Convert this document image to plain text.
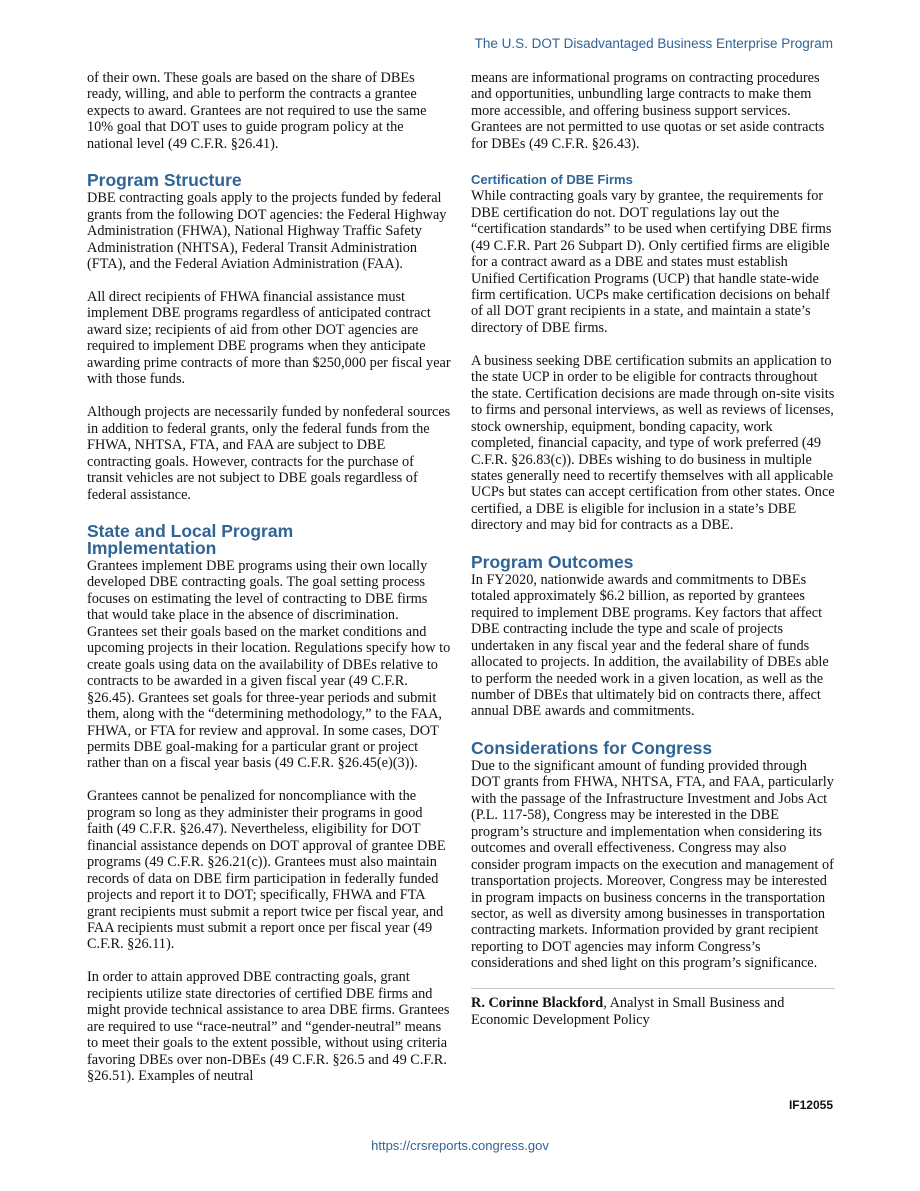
The U.S. DOT Disadvantaged Business Enterprise Program

of their own. These goals are based on the share of DBEs ready, willing, and able to perform the contracts a grantee expects to award. Grantees are not required to use the same 10% goal that DOT uses to guide program policy at the national level (49 C.F.R. §26.41).

Program Structure

DBE contracting goals apply to the projects funded by federal grants from the following DOT agencies: the Federal Highway Administration (FHWA), National Highway Traffic Safety Administration (NHTSA), Federal Transit Administration (FTA), and the Federal Aviation Administration (FAA).

All direct recipients of FHWA financial assistance must implement DBE programs regardless of anticipated contract award size; recipients of aid from other DOT agencies are required to implement DBE programs when they anticipate awarding prime contracts of more than $250,000 per fiscal year with those funds.

Although projects are necessarily funded by nonfederal sources in addition to federal grants, only the federal funds from the FHWA, NHTSA, FTA, and FAA are subject to DBE contracting goals. However, contracts for the purchase of transit vehicles are not subject to DBE goals regardless of federal assistance.

State and Local Program
Implementation

Grantees implement DBE programs using their own locally developed DBE contracting goals. The goal setting process focuses on estimating the level of contracting to DBE firms that would take place in the absence of discrimination. Grantees set their goals based on the market conditions and upcoming projects in their location. Regulations specify how to create goals using data on the availability of DBEs relative to contracts to be awarded in a given fiscal year (49 C.F.R. §26.45). Grantees set goals for three-year periods and submit them, along with the “determining methodology,” to the FAA, FHWA, or FTA for review and approval. In some cases, DOT permits DBE goal-making for a particular grant or project rather than on a fiscal year basis (49 C.F.R. §26.45(e)(3)).

Grantees cannot be penalized for noncompliance with the program so long as they administer their programs in good faith (49 C.F.R. §26.47). Nevertheless, eligibility for DOT financial assistance depends on DOT approval of grantee DBE programs (49 C.F.R. §26.21(c)). Grantees must also maintain records of data on DBE firm participation in federally funded projects and report it to DOT; specifically, FHWA and FTA grant recipients must submit a report twice per fiscal year, and FAA recipients must submit a report once per fiscal year (49 C.F.R. §26.11).

In order to attain approved DBE contracting goals, grant recipients utilize state directories of certified DBE firms and might provide technical assistance to area DBE firms. Grantees are required to use “race-neutral” and “gender-neutral” means to meet their goals to the extent possible, without using criteria favoring DBEs over non-DBEs (49 C.F.R. §26.5 and 49 C.F.R. §26.51). Examples of neutral

means are informational programs on contracting procedures and opportunities, unbundling large contracts to make them more accessible, and offering business support services. Grantees are not permitted to use quotas or set aside contracts for DBEs (49 C.F.R. §26.43).

Certification of DBE Firms

While contracting goals vary by grantee, the requirements for DBE certification do not. DOT regulations lay out the “certification standards” to be used when certifying DBE firms (49 C.F.R. Part 26 Subpart D). Only certified firms are eligible for a contract award as a DBE and states must establish Unified Certification Programs (UCP) that handle state-wide firm certification. UCPs make certification decisions on behalf of all DOT grant recipients in a state, and maintain a state’s directory of DBE firms.

A business seeking DBE certification submits an application to the state UCP in order to be eligible for contracts throughout the state. Certification decisions are made through on-site visits to firms and personal interviews, as well as reviews of licenses, stock ownership, equipment, bonding capacity, work completed, financial capacity, and type of work preferred (49 C.F.R. §26.83(c)). DBEs wishing to do business in multiple states generally need to recertify themselves with all applicable UCPs but states can accept certification from other states. Once certified, a DBE is eligible for inclusion in a state’s DBE directory and may bid for contracts as a DBE.

Program Outcomes

In FY2020, nationwide awards and commitments to DBEs totaled approximately $6.2 billion, as reported by grantees required to implement DBE programs. Key factors that affect DBE contracting include the type and scale of projects undertaken in any fiscal year and the federal share of funds allocated to projects. In addition, the availability of DBEs able to perform the needed work in a given location, as well as the number of DBEs that ultimately bid on contracts there, affect annual DBE awards and commitments.

Considerations for Congress

Due to the significant amount of funding provided through DOT grants from FHWA, NHTSA, FTA, and FAA, particularly with the passage of the Infrastructure Investment and Jobs Act (P.L. 117-58), Congress may be interested in the DBE program’s structure and implementation when considering its outcomes and overall effectiveness. Congress may also consider program impacts on the execution and management of transportation projects. Moreover, Congress may be interested in program impacts on business concerns in the transportation sector, as well as diversity among businesses in transportation contracting markets. Information provided by grant recipient reporting to DOT agencies may inform Congress’s considerations and shed light on this program’s significance.

R. Corinne Blackford, Analyst in Small Business and Economic Development Policy
IF12055
https://crsreports.congress.gov
